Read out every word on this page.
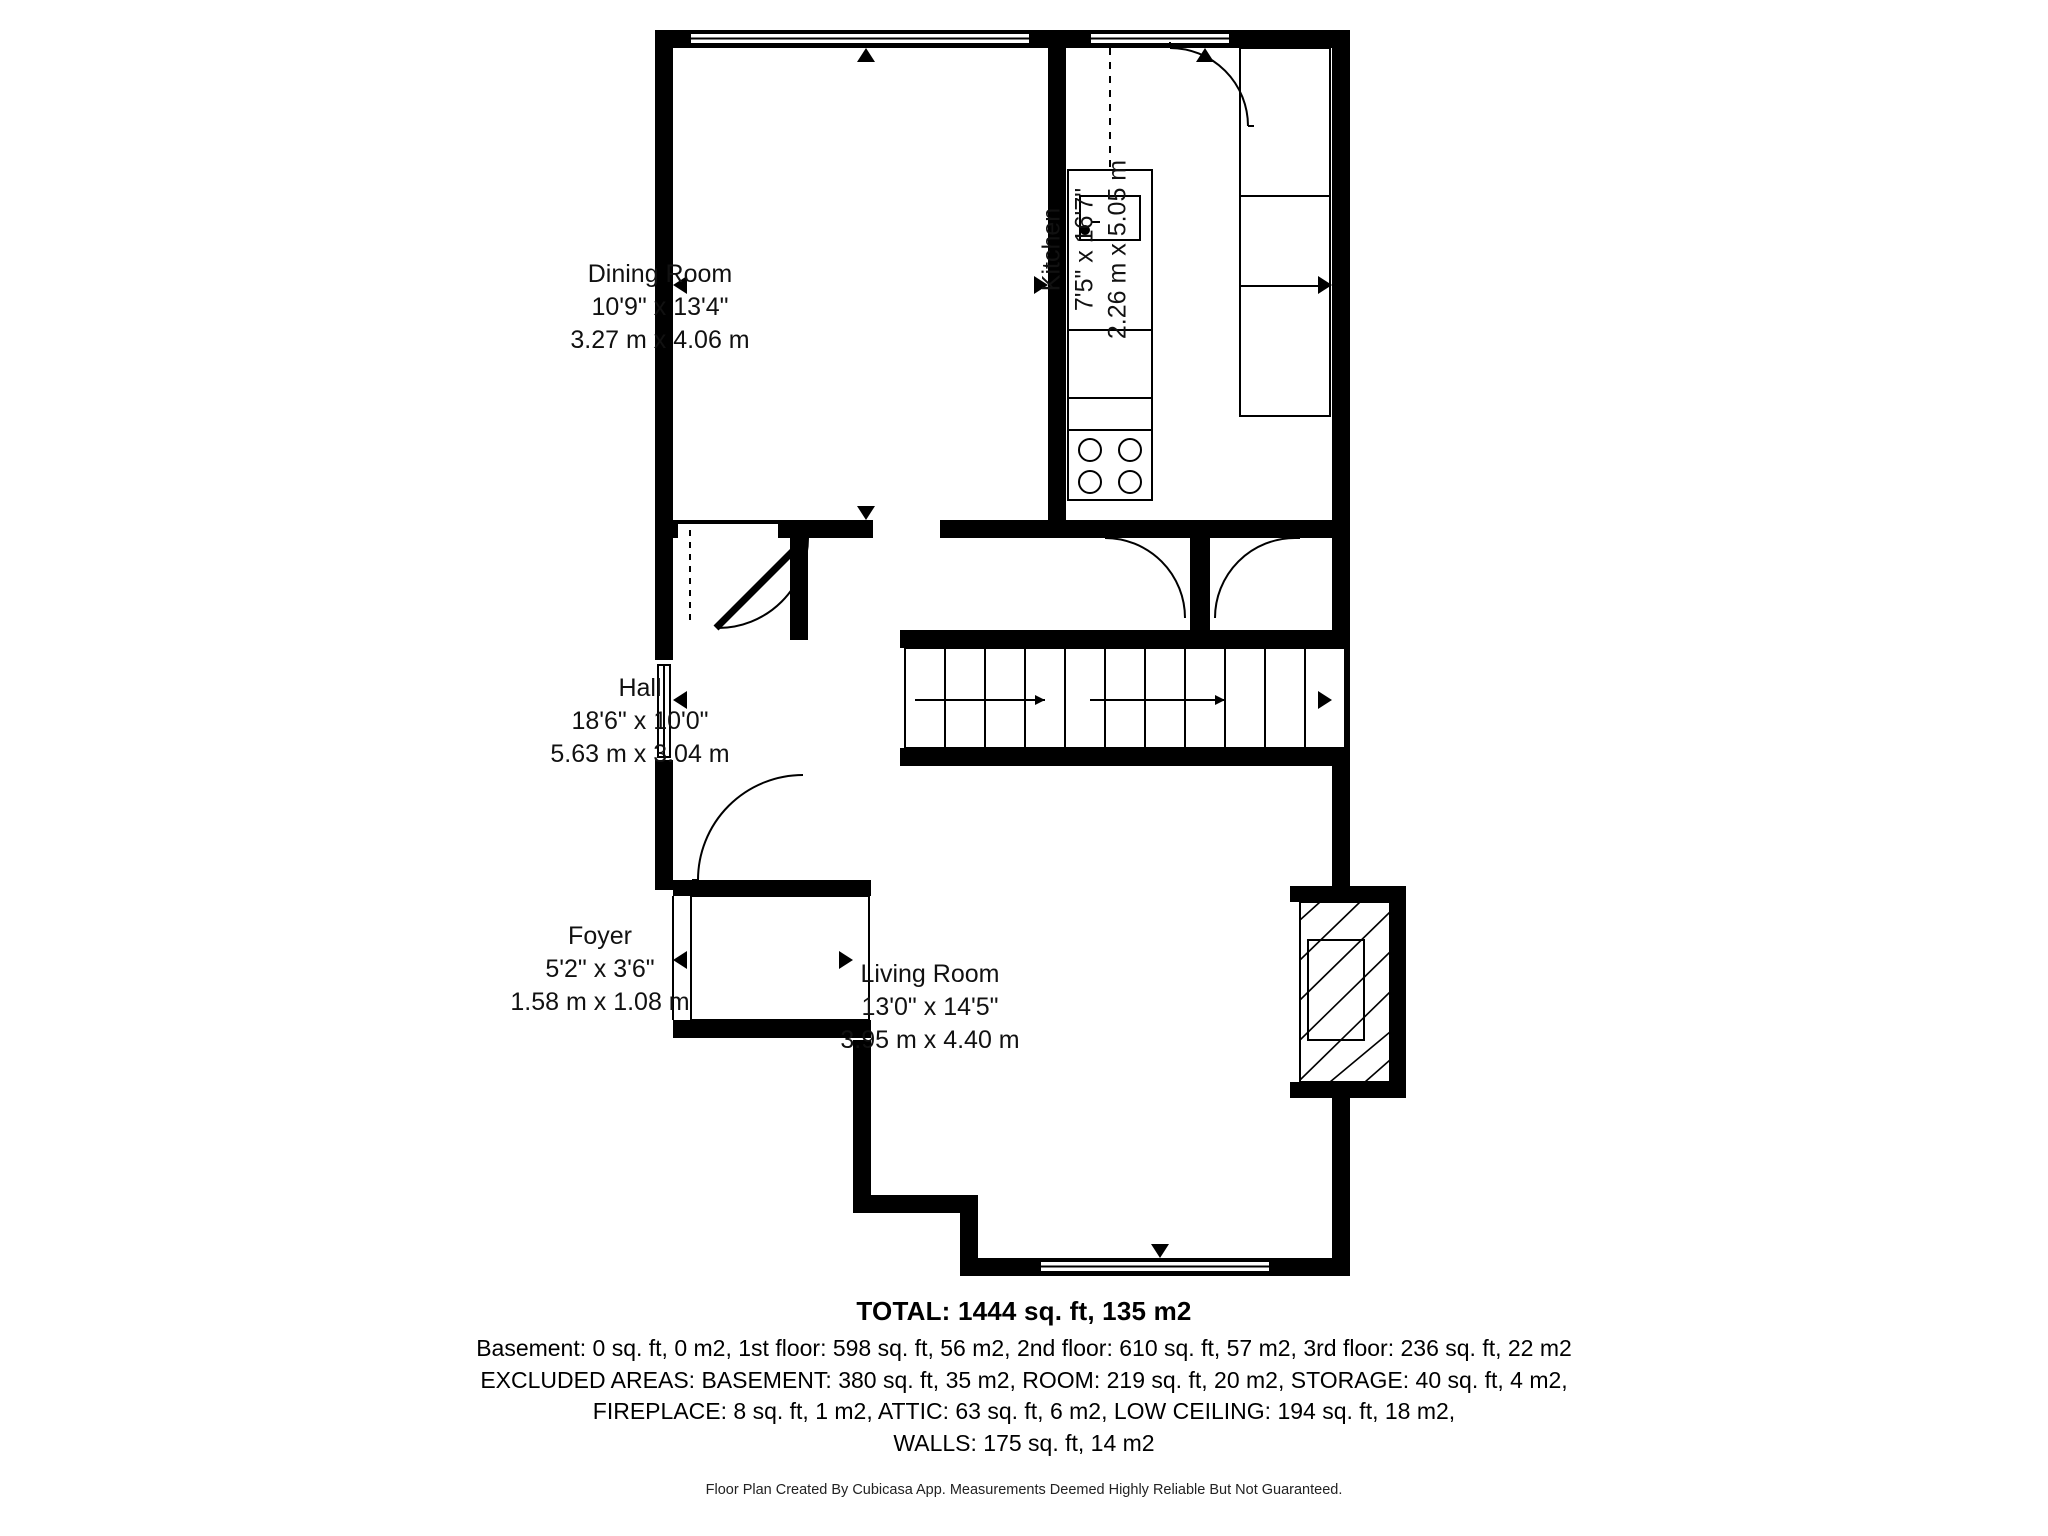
Dining Room
10'9" x 13'4"
3.27 m x 4.06 m
Kitchen 7'5" x 16'7" 2.26 m x 5.05 m
Hall
18'6" x 10'0"
5.63 m x 3.04 m
Foyer
5'2" x 3'6"
1.58 m x 1.08 m
Living Room
13'0" x 14'5"
3.95 m x 4.40 m
TOTAL: 1444 sq. ft, 135 m2
Basement: 0 sq. ft, 0 m2, 1st floor: 598 sq. ft, 56 m2, 2nd floor: 610 sq. ft, 57 m2, 3rd floor: 236 sq. ft, 22 m2
EXCLUDED AREAS: BASEMENT: 380 sq. ft, 35 m2, ROOM: 219 sq. ft, 20 m2, STORAGE: 40 sq. ft, 4 m2,
FIREPLACE: 8 sq. ft, 1 m2, ATTIC: 63 sq. ft, 6 m2, LOW CEILING: 194 sq. ft, 18 m2,
WALLS: 175 sq. ft, 14 m2
Floor Plan Created By Cubicasa App. Measurements Deemed Highly Reliable But Not Guaranteed.
